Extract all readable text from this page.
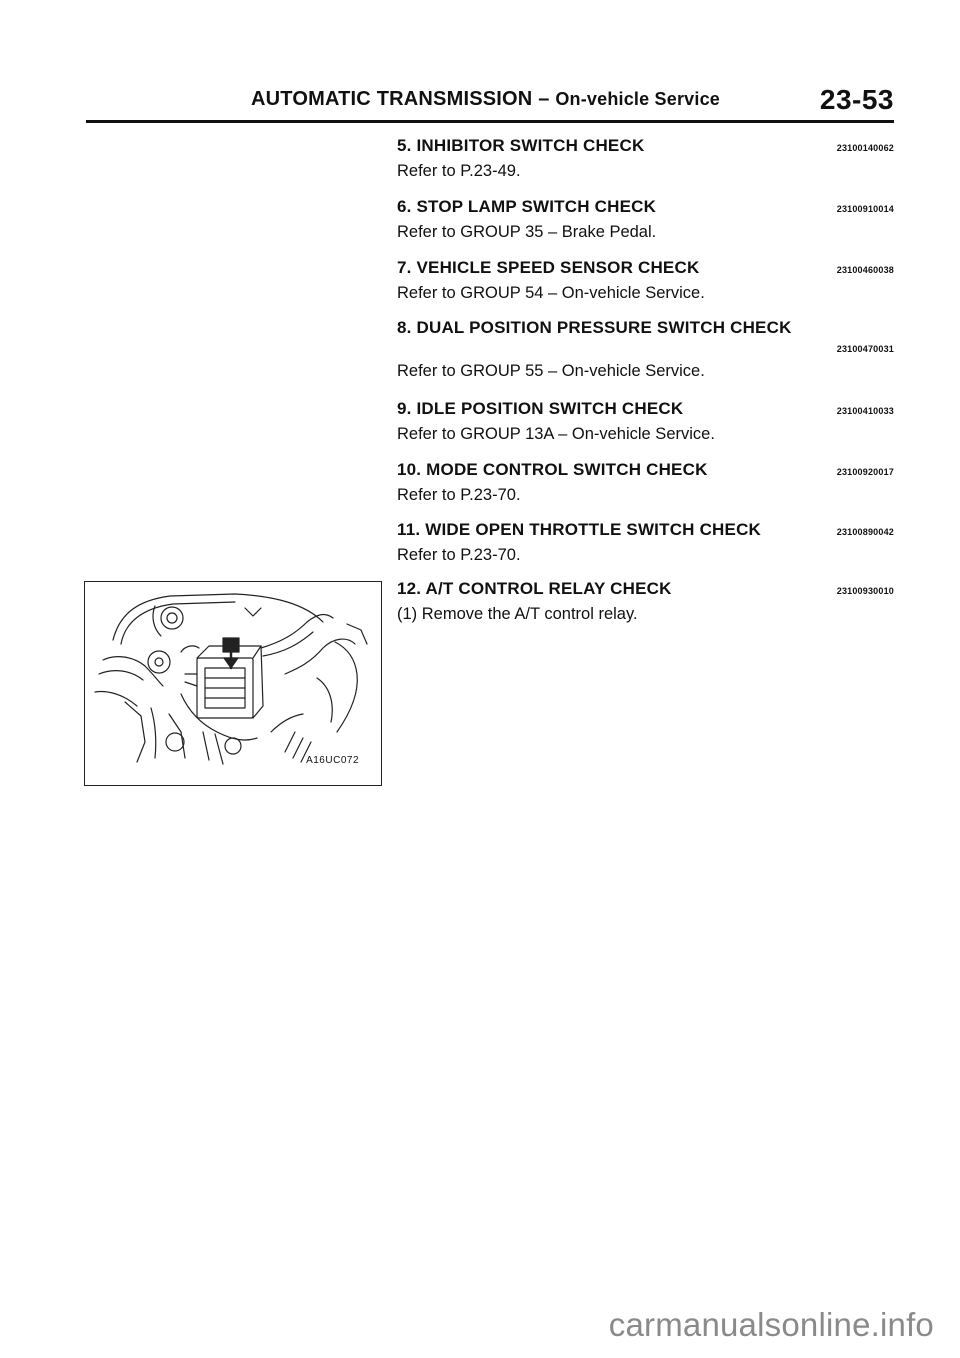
AUTOMATIC TRANSMISSION – On-vehicle Service	23-53
5. INHIBITOR SWITCH CHECK	23100140062
Refer to P.23-49.
6. STOP LAMP SWITCH CHECK	23100910014
Refer to GROUP 35 – Brake Pedal.
7. VEHICLE SPEED SENSOR CHECK	23100460038
Refer to GROUP 54 – On-vehicle Service.
8. DUAL POSITION PRESSURE SWITCH CHECK
23100470031
Refer to GROUP 55 – On-vehicle Service.
9. IDLE POSITION SWITCH CHECK	23100410033
Refer to GROUP 13A – On-vehicle Service.
10. MODE CONTROL SWITCH CHECK	23100920017
Refer to P.23-70.
11. WIDE OPEN THROTTLE SWITCH CHECK	23100890042
Refer to P.23-70.
12. A/T CONTROL RELAY CHECK	23100930010
(1) Remove the A/T control relay.
A16UC072
carmanualsonline.info
